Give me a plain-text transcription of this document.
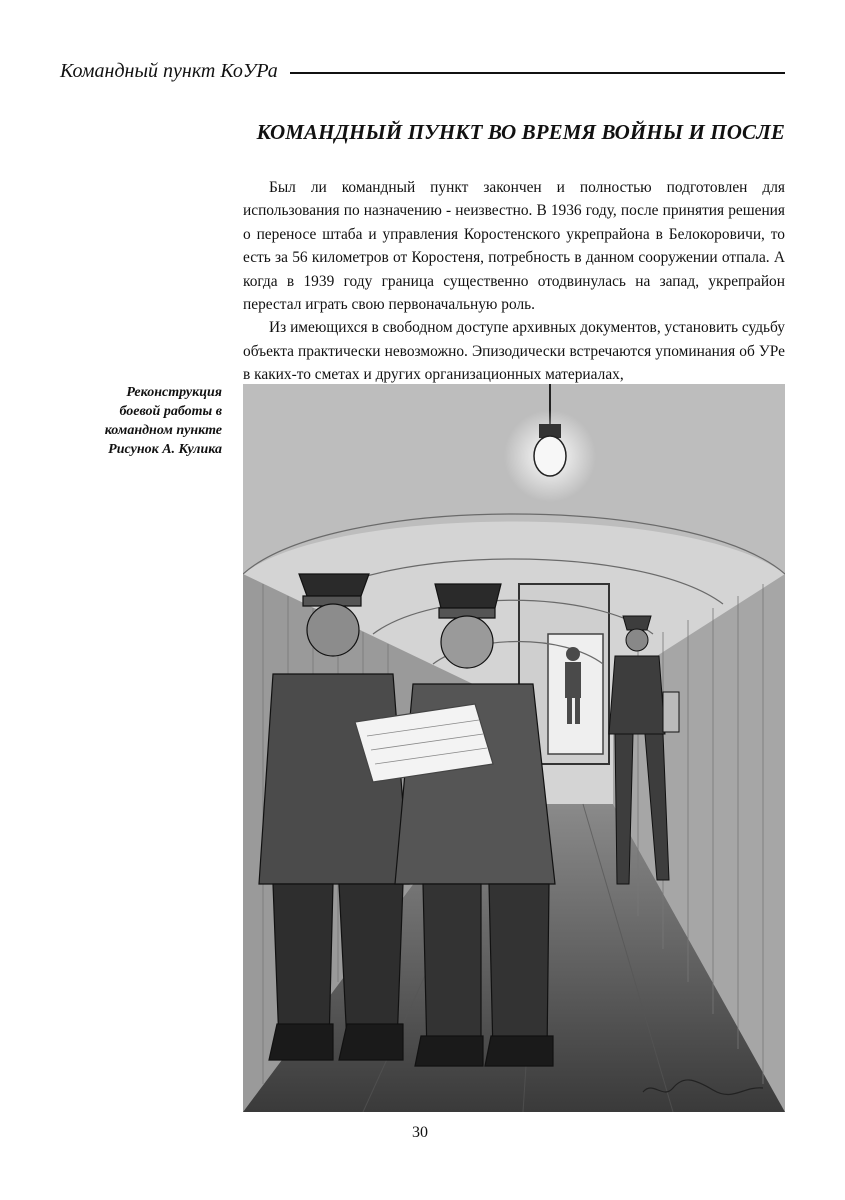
Командный пункт КоУРа
КОМАНДНЫЙ ПУНКТ ВО ВРЕМЯ ВОЙНЫ И ПОСЛЕ

Был ли командный пункт закончен и полностью подготовлен для использования по назначению - неизвестно. В 1936 году, после принятия решения о переносе штаба и управления Коростенского укрепрайона в Белокоровичи, то есть за 56 километров от Коростеня, потребность в данном сооружении отпала. А когда в 1939 году граница существенно отодвинулась на запад, укрепрайон перестал играть свою первоначальную роль.

Из имеющихся в свободном доступе архивных документов, установить судьбу объекта практически невозможно. Эпизодически встречаются упоминания об УРе в каких-то сметах и других организационных материалах,

Реконструкция
боевой работы в
командном пункте
Рисунок А. Кулика
30
